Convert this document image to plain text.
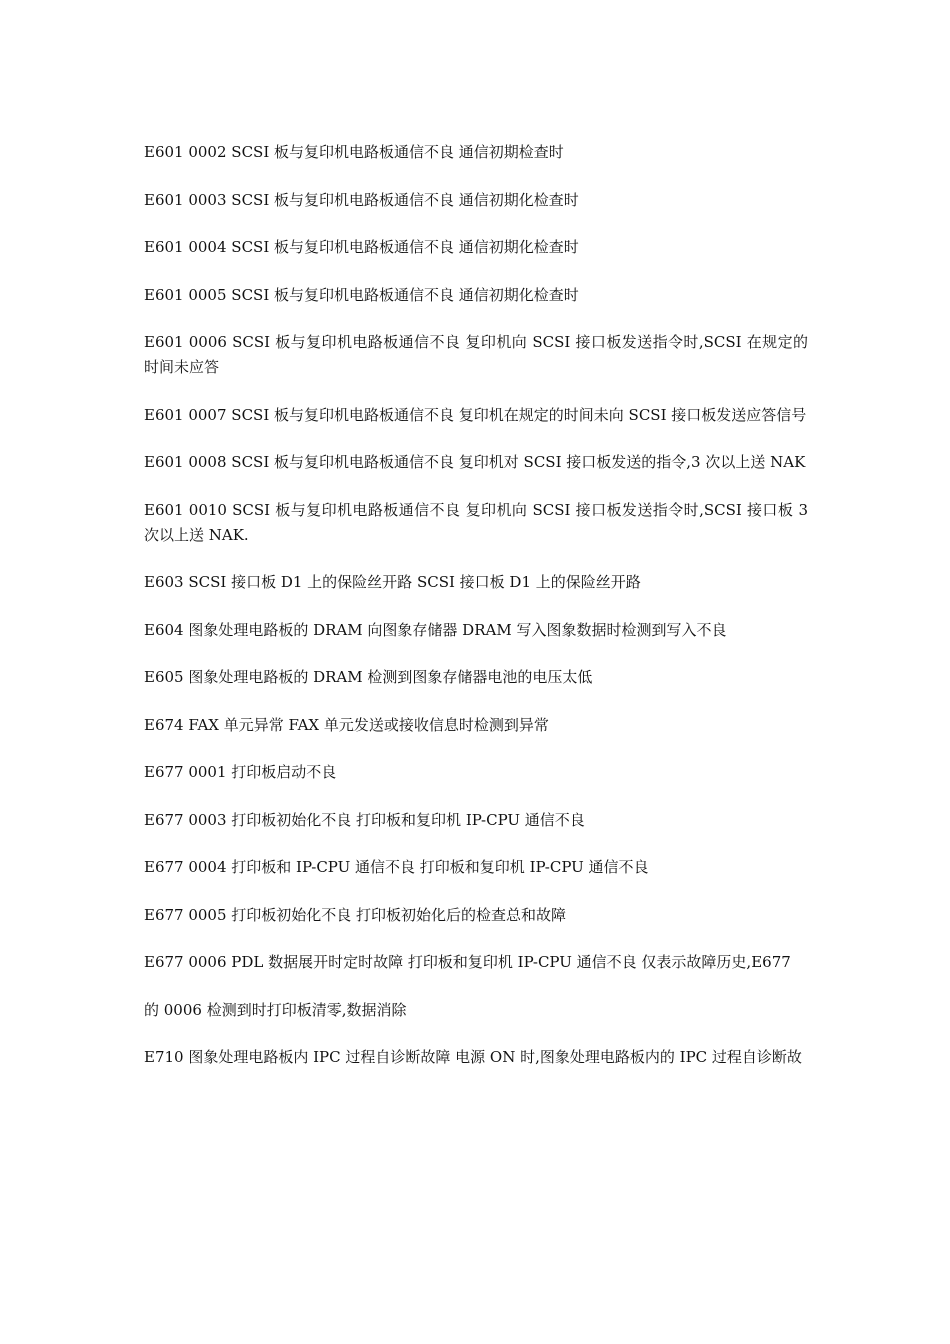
E601 0002 SCSI 板与复印机电路板通信不良 通信初期检查时

E601 0003 SCSI 板与复印机电路板通信不良 通信初期化检查时

E601 0004 SCSI 板与复印机电路板通信不良 通信初期化检查时

E601 0005 SCSI 板与复印机电路板通信不良 通信初期化检查时

E601 0006 SCSI 板与复印机电路板通信不良 复印机向 SCSI 接口板发送指令时,SCSI 在规定的时间未应答

E601 0007 SCSI 板与复印机电路板通信不良 复印机在规定的时间未向 SCSI 接口板发送应答信号

E601 0008 SCSI 板与复印机电路板通信不良 复印机对 SCSI 接口板发送的指令,3 次以上送 NAK

E601 0010 SCSI 板与复印机电路板通信不良 复印机向 SCSI 接口板发送指令时,SCSI 接口板 3 次以上送 NAK.

E603 SCSI 接口板 D1 上的保险丝开路 SCSI 接口板 D1 上的保险丝开路

E604 图象处理电路板的 DRAM 向图象存储器 DRAM 写入图象数据时检测到写入不良

E605 图象处理电路板的 DRAM 检测到图象存储器电池的电压太低

E674 FAX 单元异常 FAX 单元发送或接收信息时检测到异常

E677 0001 打印板启动不良

E677 0003 打印板初始化不良 打印板和复印机 IP-CPU 通信不良

E677 0004 打印板和 IP-CPU 通信不良 打印板和复印机 IP-CPU 通信不良

E677 0005 打印板初始化不良 打印板初始化后的检查总和故障

E677 0006 PDL 数据展开时定时故障 打印板和复印机 IP-CPU 通信不良 仅表示故障历史,E677

的 0006 检测到时打印板清零,数据消除

E710 图象处理电路板内 IPC 过程自诊断故障 电源 ON 时,图象处理电路板内的 IPC 过程自诊断故
